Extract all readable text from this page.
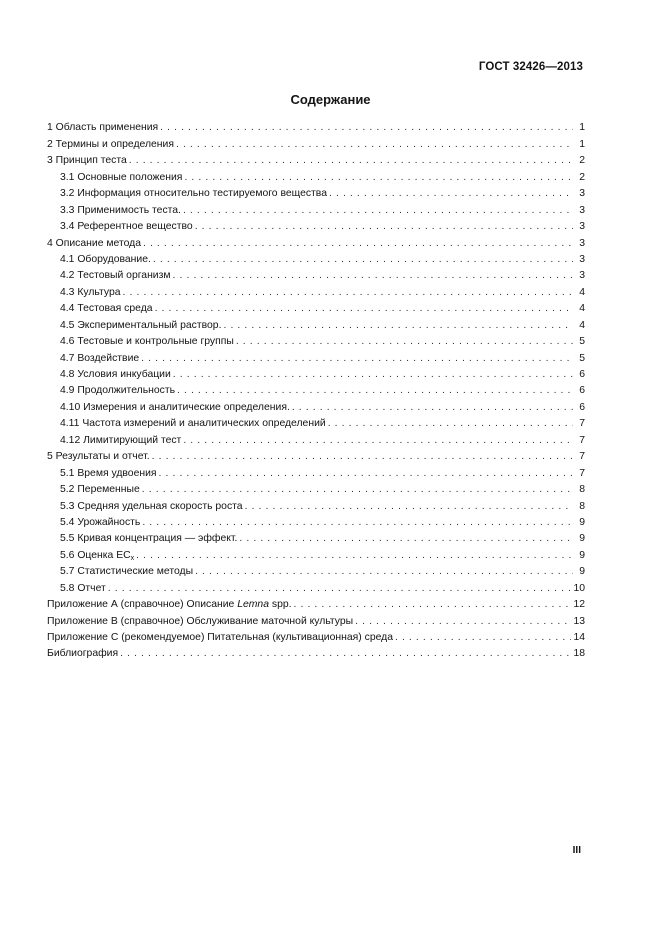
ГОСТ 32426—2013
Содержание
1 Область применения . . .	1
2 Термины и определения . . .	1
3 Принцип теста . . .	2
3.1 Основные положения . . .	2
3.2 Информация относительно тестируемого вещества . . .	3
3.3 Применимость теста. . . .	3
3.4 Референтное вещество . . .	3
4 Описание метода . . .	3
4.1 Оборудование. . . .	3
4.2 Тестовый организм . . .	3
4.3 Культура . . .	4
4.4 Тестовая среда . . .	4
4.5 Экспериментальный раствор. . . .	4
4.6 Тестовые и контрольные группы . . .	5
4.7 Воздействие . . .	5
4.8 Условия инкубации . . .	6
4.9 Продолжительность . . .	6
4.10 Измерения и аналитические определения. . . .	6
4.11 Частота измерений и аналитических определений . . .	7
4.12 Лимитирующий тест . . .	7
5 Результаты и отчет. . . .	7
5.1 Время удвоения . . .	7
5.2 Переменные . . .	8
5.3 Средняя удельная скорость роста . . .	8
5.4 Урожайность . . .	9
5.5 Кривая концентрация — эффект. . . .	9
5.6 Оценка $EC_x$ . . .	9
5.7 Статистические методы . . .	9
5.8 Отчет . . .	10
Приложение А (справочное) Описание Lemna spp. . . .	12
Приложение В (справочное) Обслуживание маточной культуры . . .	13
Приложение С (рекомендуемое) Питательная (культивационная) среда . . .	14
Библиография . . .	18
III
